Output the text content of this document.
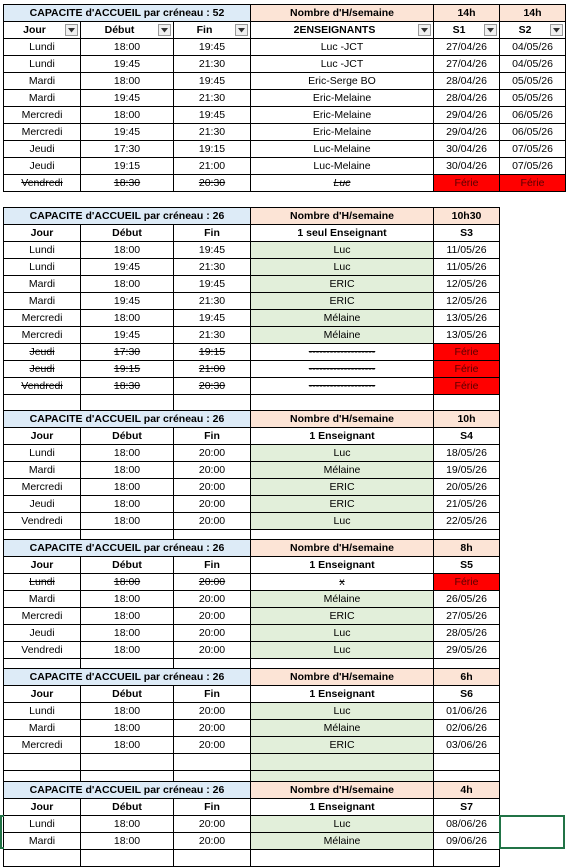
CAPACITE d'ACCUEIL par créneau : 52	Nombre d'H/semaine	14h	14h
Jour	Début	Fin	2ENSEIGNANTS	S1	S2
Lundi	18:00	19:45	Luc -JCT	27/04/26	04/05/26
Lundi	19:45	21:30	Luc -JCT	27/04/26	04/05/26
Mardi	18:00	19:45	Eric-Serge BO	28/04/26	05/05/26
Mardi	19:45	21:30	Eric-Melaine	28/04/26	05/05/26
Mercredi	18:00	19:45	Eric-Melaine	29/04/26	06/05/26
Mercredi	19:45	21:30	Eric-Melaine	29/04/26	06/05/26
Jeudi	17:30	19:15	Luc-Melaine	30/04/26	07/05/26
Jeudi	19:15	21:00	Luc-Melaine	30/04/26	07/05/26
Vendredi	18:30	20:30	Luc	Férie	Férie
CAPACITE d'ACCUEIL par créneau : 26	Nombre d'H/semaine	10h30
Jour	Début	Fin	1 seul Enseignant	S3
Lundi	18:00	19:45	Luc	11/05/26
Lundi	19:45	21:30	Luc	11/05/26
Mardi	18:00	19:45	ERIC	12/05/26
Mardi	19:45	21:30	ERIC	12/05/26
Mercredi	18:00	19:45	Mélaine	13/05/26
Mercredi	19:45	21:30	Mélaine	13/05/26
Jeudi	17:30	19:15	-------------------	Férie
Jeudi	19:15	21:00	-------------------	Férie
Vendredi	18:30	20:30	-------------------	Férie
CAPACITE d'ACCUEIL par créneau : 26	Nombre d'H/semaine	10h
Jour	Début	Fin	1 Enseignant	S4
Lundi	18:00	20:00	Luc	18/05/26
Mardi	18:00	20:00	Mélaine	19/05/26
Mercredi	18:00	20:00	ERIC	20/05/26
Jeudi	18:00	20:00	ERIC	21/05/26
Vendredi	18:00	20:00	Luc	22/05/26
CAPACITE d'ACCUEIL par créneau : 26	Nombre d'H/semaine	8h
Jour	Début	Fin	1 Enseignant	S5
Lundi	18:00	20:00	x	Férie
Mardi	18:00	20:00	Mélaine	26/05/26
Mercredi	18:00	20:00	ERIC	27/05/26
Jeudi	18:00	20:00	Luc	28/05/26
Vendredi	18:00	20:00	Luc	29/05/26
CAPACITE d'ACCUEIL par créneau : 26	Nombre d'H/semaine	6h
Jour	Début	Fin	1 Enseignant	S6
Lundi	18:00	20:00	Luc	01/06/26
Mardi	18:00	20:00	Mélaine	02/06/26
Mercredi	18:00	20:00	ERIC	03/06/26
CAPACITE d'ACCUEIL par créneau : 26	Nombre d'H/semaine	4h
Jour	Début	Fin	1 Enseignant	S7
Lundi	18:00	20:00	Luc	08/06/26
Mardi	18:00	20:00	Mélaine	09/06/26
